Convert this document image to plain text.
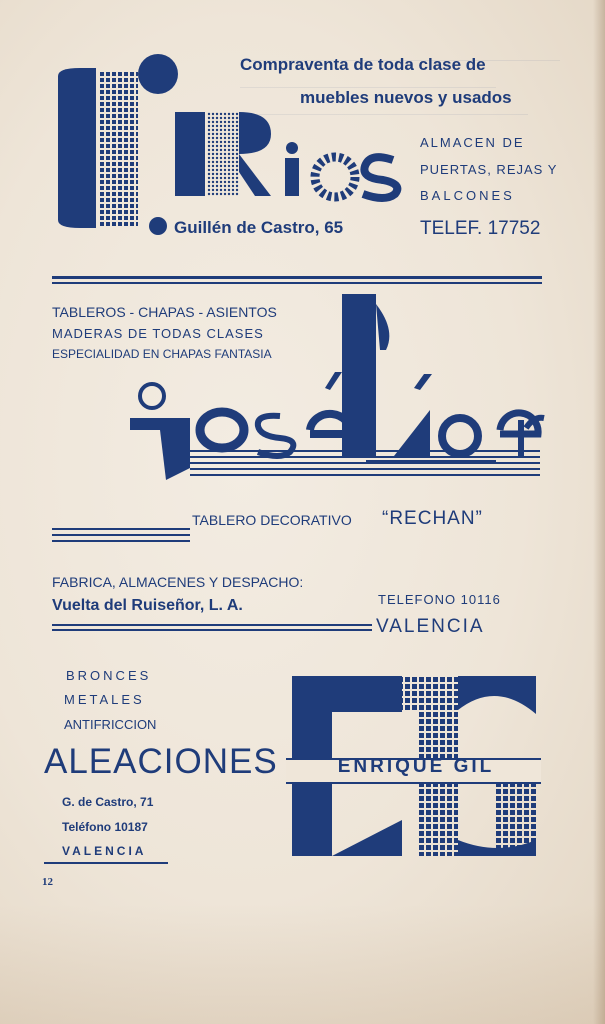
Compraventa de toda clase de
muebles nuevos y usados
ALMACEN DE
PUERTAS, REJAS Y
BALCONES
Guillén de Castro, 65	TELEF. 17752
TABLEROS - CHAPAS - ASIENTOS
MADERAS DE TODAS CLASES
ESPECIALIDAD EN CHAPAS FANTASIA
TABLERO DECORATIVO “RECHAN”
FABRICA, ALMACENES Y DESPACHO:
Vuelta del Ruiseñor, L. A.	TELEFONO 10116
VALENCIA
BRONCES
METALES
ANTIFRICCION
ALEACIONES
G. de Castro, 71
Teléfono 10187
VALENCIA
ENRIQUE GIL
12
